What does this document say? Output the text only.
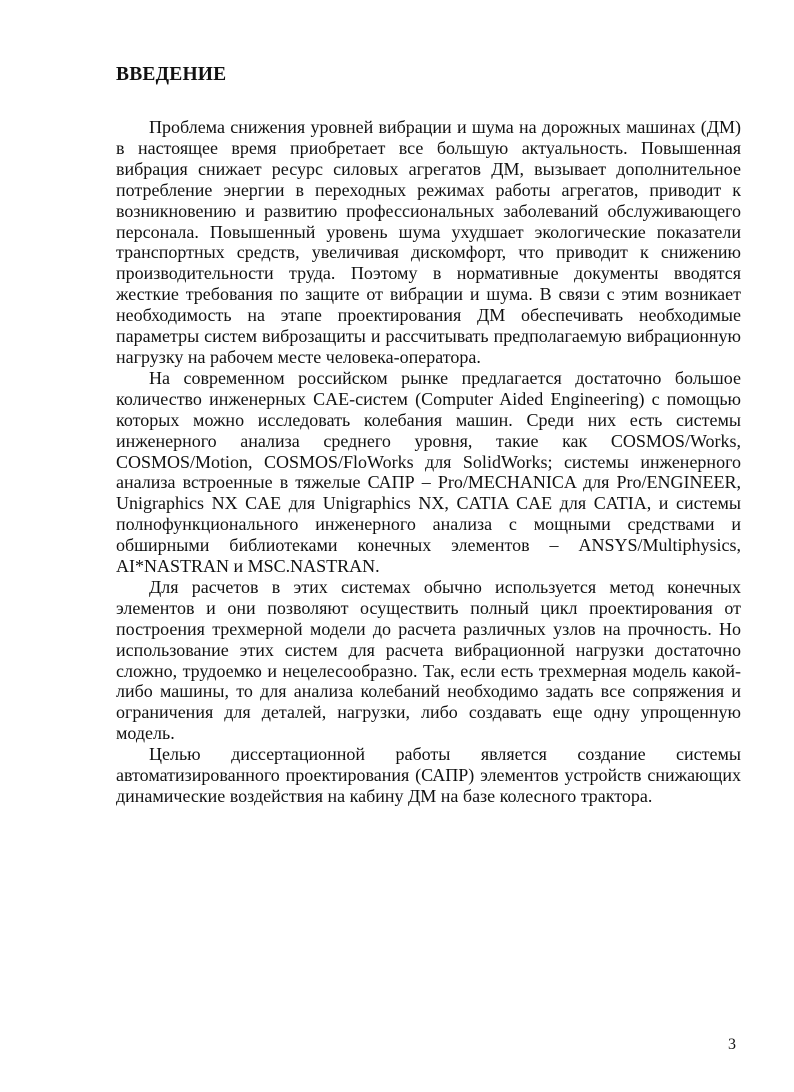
ВВЕДЕНИЕ

Проблема снижения уровней вибрации и шума на дорожных машинах (ДМ) в настоящее время приобретает все большую актуальность. Повышенная вибрация снижает ресурс силовых агрегатов ДМ, вызывает дополнительное потребление энергии в переходных режимах работы агрегатов, приводит к возникновению и развитию профессиональных заболеваний обслуживающего персонала. Повышенный уровень шума ухудшает экологические показатели транспортных средств, увеличивая дискомфорт, что приводит к снижению производительности труда. Поэтому в нормативные документы вводятся жесткие требования по защите от вибрации и шума. В связи с этим возникает необходимость на этапе проектирования ДМ обеспечивать необходимые параметры систем виброзащиты и рассчитывать предполагаемую вибрационную нагрузку на рабочем месте человека-оператора.

На современном российском рынке предлагается достаточно большое количество инженерных CAE-систем (Computer Aided Engineering) с помощью которых можно исследовать колебания машин. Среди них есть системы инженерного анализа среднего уровня, такие как COSMOS/Works, COSMOS/Motion, COSMOS/FloWorks для SolidWorks; системы инженерного анализа встроенные в тяжелые САПР – Pro/MECHANICA для Pro/ENGINEER, Unigraphics NX CAE для Unigraphics NX, CATIA CAE для CATIA, и системы полнофункционального инженерного анализа с мощными средствами и обширными библиотеками конечных элементов – ANSYS/Multiphysics, AI*NASTRAN и MSC.NASTRAN.

Для расчетов в этих системах обычно используется метод конечных элементов и они позволяют осуществить полный цикл проектирования от построения трехмерной модели до расчета различных узлов на прочность. Но использование этих систем для расчета вибрационной нагрузки достаточно сложно, трудоемко и нецелесообразно. Так, если есть трехмерная модель какой-либо машины, то для анализа колебаний необходимо задать все сопряжения и ограничения для деталей, нагрузки, либо создавать еще одну упрощенную модель.

Целью диссертационной работы является создание системы автоматизированного проектирования (САПР) элементов устройств снижающих динамические воздействия на кабину ДМ на базе колесного трактора.

3
